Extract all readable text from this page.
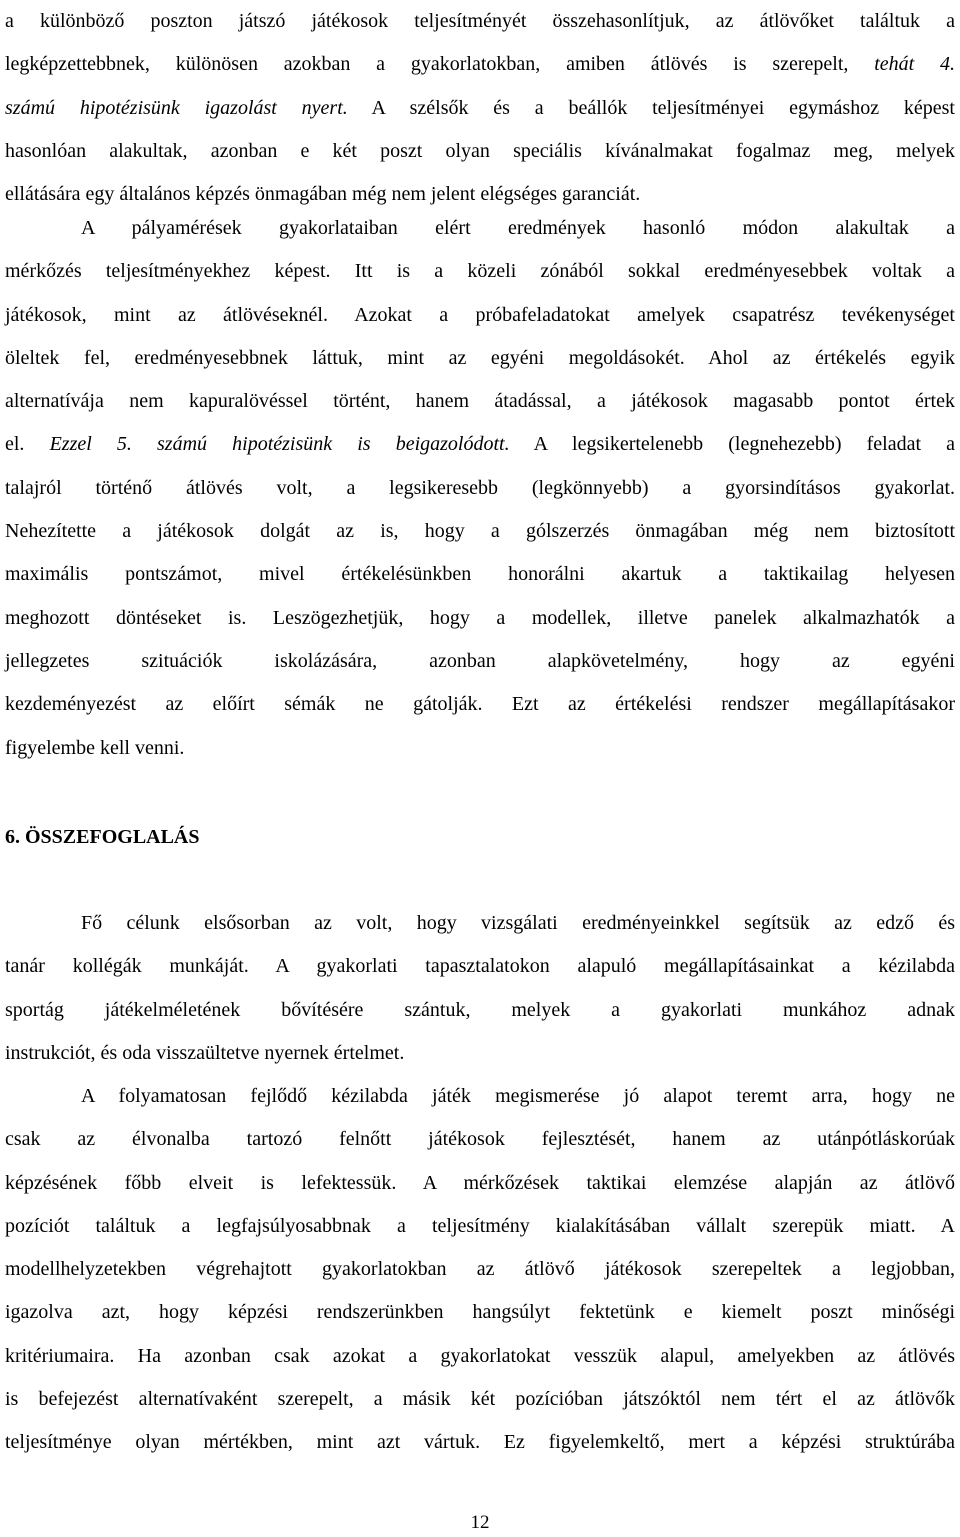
a különböző poszton játszó játékosok teljesítményét összehasonlítjuk, az átlövőket találtuk a
legképzettebbnek, különösen azokban a gyakorlatokban, amiben átlövés is szerepelt, tehát 4.
számú hipotézisünk igazolást nyert. A szélsők és a beállók teljesítményei egymáshoz képest
hasonlóan alakultak, azonban e két poszt olyan speciális kívánalmakat fogalmaz meg, melyek
ellátására egy általános képzés önmagában még nem jelent elégséges garanciát.
A pályamérések gyakorlataiban elért eredmények hasonló módon alakultak a
mérkőzés teljesítményekhez képest. Itt is a közeli zónából sokkal eredményesebbek voltak a
játékosok, mint az átlövéseknél. Azokat a próbafeladatokat amelyek csapatrész tevékenységet
öleltek fel, eredményesebbnek láttuk, mint az egyéni megoldásokét. Ahol az értékelés egyik
alternatívája nem kapuralövéssel történt, hanem átadással, a játékosok magasabb pontot értek
el. Ezzel 5. számú hipotézisünk is beigazolódott. A legsikertelenebb (legnehezebb) feladat a
talajról történő átlövés volt, a legsikeresebb (legkönnyebb) a gyorsindításos gyakorlat.
Nehezítette a játékosok dolgát az is, hogy a gólszerzés önmagában még nem biztosított
maximális pontszámot, mivel értékelésünkben honorálni akartuk a taktikailag helyesen
meghozott döntéseket is. Leszögezhetjük, hogy a modellek, illetve panelek alkalmazhatók a
jellegzetes szituációk iskolázására, azonban alapkövetelmény, hogy az egyéni
kezdeményezést az előírt sémák ne gátolják. Ezt az értékelési rendszer megállapításakor
figyelembe kell venni.
6. ÖSSZEFOGLALÁS
Fő célunk elsősorban az volt, hogy vizsgálati eredményeinkkel segítsük az edző és
tanár kollégák munkáját. A gyakorlati tapasztalatokon alapuló megállapításainkat a kézilabda
sportág játékelméletének bővítésére szántuk, melyek a gyakorlati munkához adnak
instrukciót, és oda visszaültetve nyernek értelmet.
A folyamatosan fejlődő kézilabda játék megismerése jó alapot teremt arra, hogy ne
csak az élvonalba tartozó felnőtt játékosok fejlesztését, hanem az utánpótláskorúak
képzésének főbb elveit is lefektessük. A mérkőzések taktikai elemzése alapján az átlövő
pozíciót találtuk a legfajsúlyosabbnak a teljesítmény kialakításában vállalt szerepük miatt. A
modellhelyzetekben végrehajtott gyakorlatokban az átlövő játékosok szerepeltek a legjobban,
igazolva azt, hogy képzési rendszerünkben hangsúlyt fektetünk e kiemelt poszt minőségi
kritériumaira. Ha azonban csak azokat a gyakorlatokat vesszük alapul, amelyekben az átlövés
is befejezést alternatívaként szerepelt, a másik két pozícióban játszóktól nem tért el az átlövők
teljesítménye olyan mértékben, mint azt vártuk. Ez figyelemkeltő, mert a képzési struktúrába
12
